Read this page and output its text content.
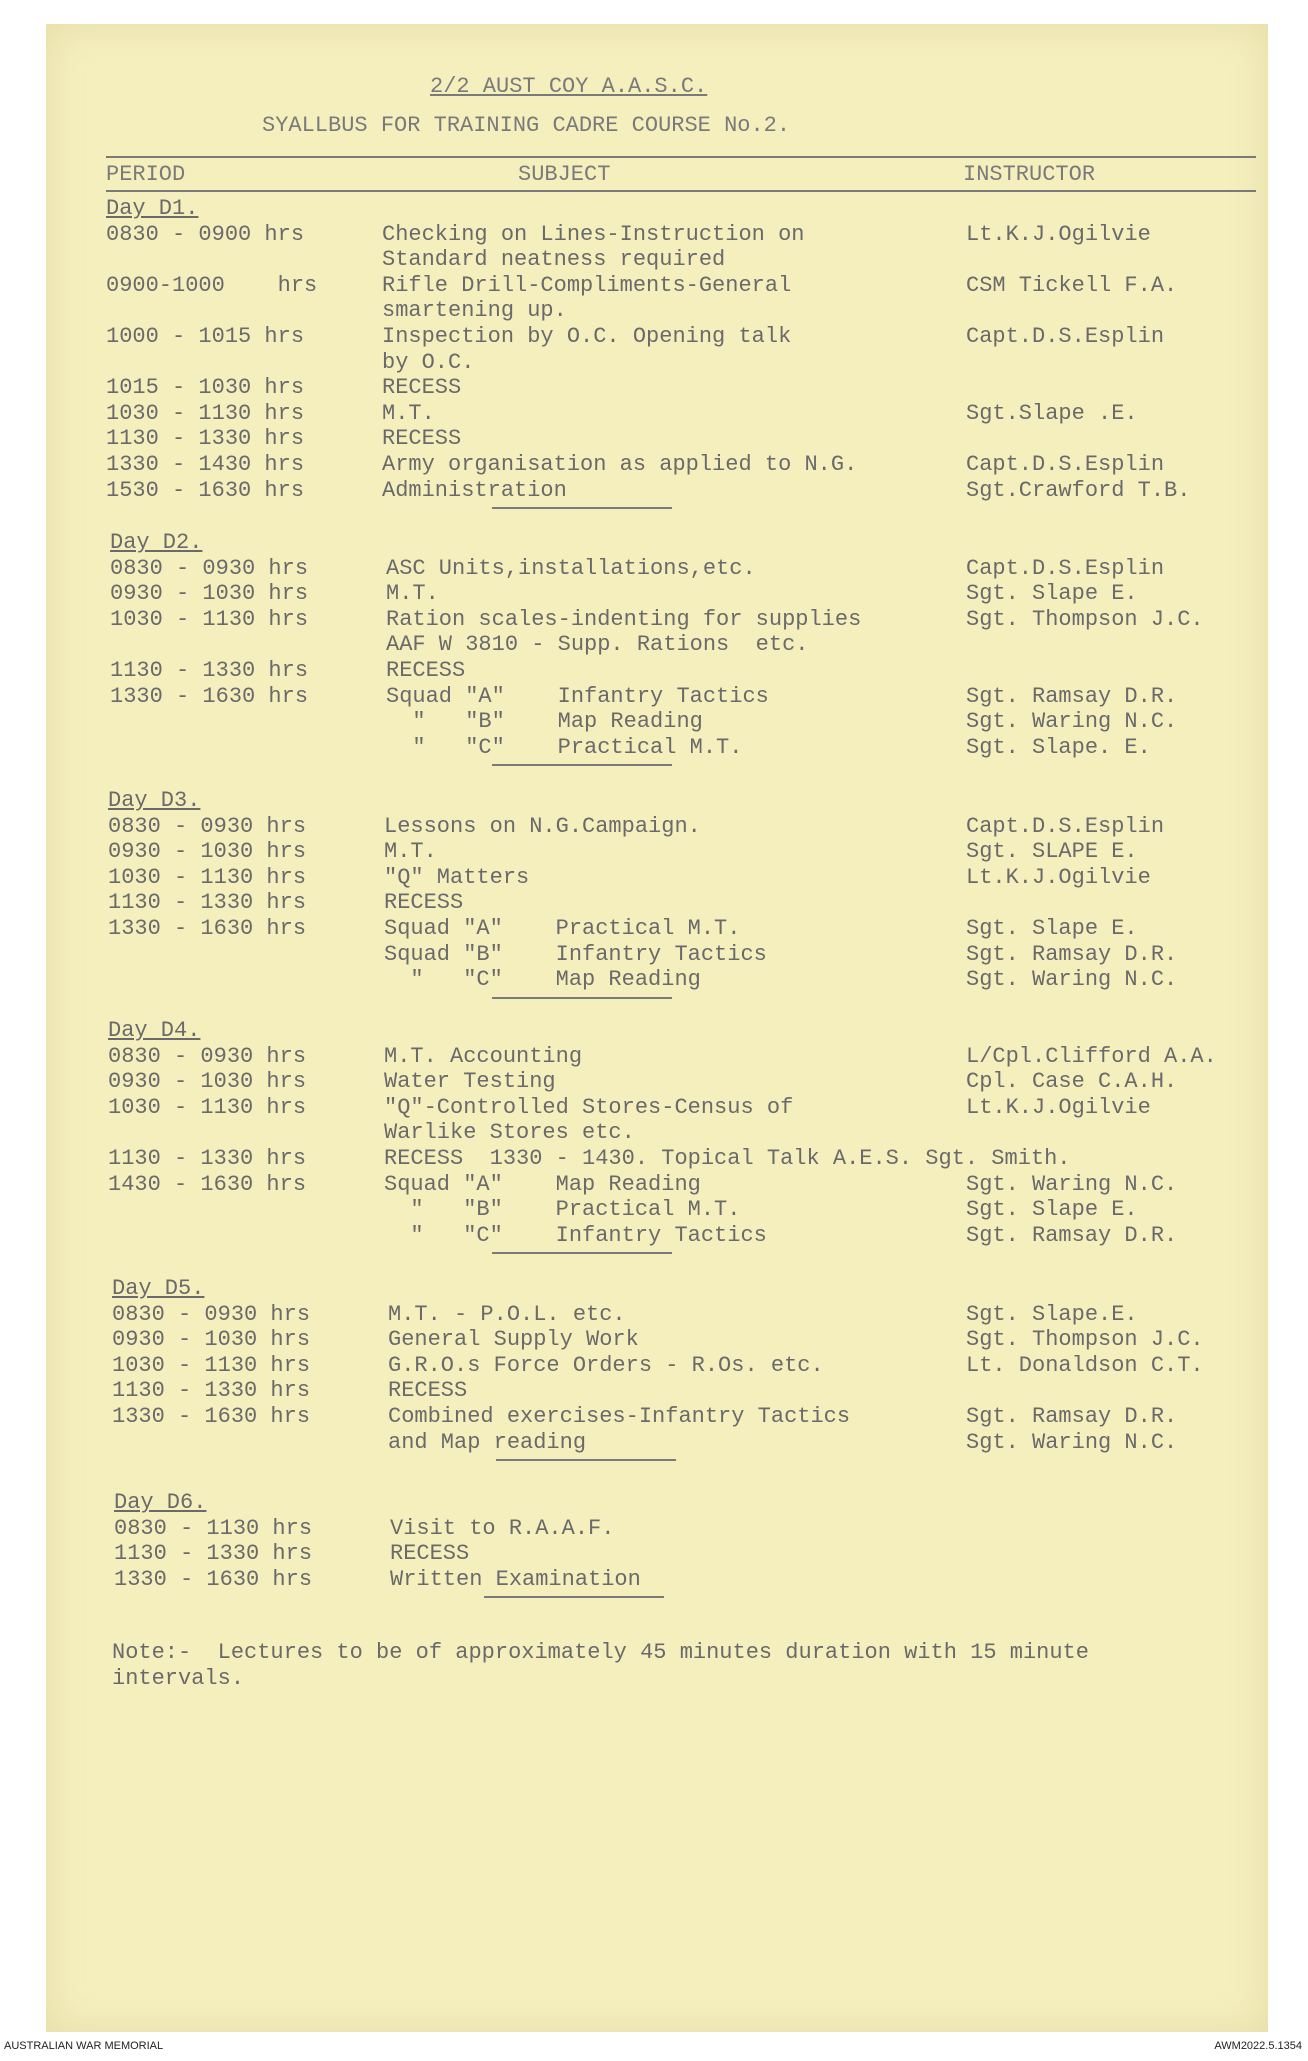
2/2 AUST COY A.A.S.C.
SYALLBUS FOR TRAINING CADRE COURSE No.2.
PERIOD	SUBJECT	INSTRUCTOR
Day D1.
0830 - 0900 hrs	Checking on Lines-Instruction on	Lt.K.J.Ogilvie
Standard neatness required
0900-1000    hrs	Rifle Drill-Compliments-General	CSM Tickell F.A.
smartening up.
1000 - 1015 hrs	Inspection by O.C. Opening talk	Capt.D.S.Esplin
by O.C.
1015 - 1030 hrs	RECESS
1030 - 1130 hrs	M.T.	Sgt.Slape .E.
1130 - 1330 hrs	RECESS
1330 - 1430 hrs	Army organisation as applied to N.G.	Capt.D.S.Esplin
1530 - 1630 hrs	Administration	Sgt.Crawford T.B.
Day D2.
0830 - 0930 hrs	ASC Units,installations,etc.	Capt.D.S.Esplin
0930 - 1030 hrs	M.T.	Sgt. Slape E.
1030 - 1130 hrs	Ration scales-indenting for supplies	Sgt. Thompson J.C.
AAF W 3810 - Supp. Rations  etc.
1130 - 1330 hrs	RECESS
1330 - 1630 hrs	Squad "A"    Infantry Tactics	Sgt. Ramsay D.R.
"   "B"    Map Reading	Sgt. Waring N.C.
"   "C"    Practical M.T.	Sgt. Slape. E.
Day D3.
0830 - 0930 hrs	Lessons on N.G.Campaign.	Capt.D.S.Esplin
0930 - 1030 hrs	M.T.	Sgt. SLAPE E.
1030 - 1130 hrs	"Q" Matters	Lt.K.J.Ogilvie
1130 - 1330 hrs	RECESS
1330 - 1630 hrs	Squad "A"    Practical M.T.	Sgt. Slape E.
Squad "B"    Infantry Tactics	Sgt. Ramsay D.R.
"   "C"    Map Reading	Sgt. Waring N.C.
Day D4.
0830 - 0930 hrs	M.T. Accounting	L/Cpl.Clifford A.A.
0930 - 1030 hrs	Water Testing	Cpl. Case C.A.H.
1030 - 1130 hrs	"Q"-Controlled Stores-Census of	Lt.K.J.Ogilvie
Warlike Stores etc.
1130 - 1330 hrs	RECESS  1330 - 1430. Topical Talk A.E.S. Sgt. Smith.
1430 - 1630 hrs	Squad "A"    Map Reading	Sgt. Waring N.C.
"   "B"    Practical M.T.	Sgt. Slape E.
"   "C"    Infantry Tactics	Sgt. Ramsay D.R.
Day D5.
0830 - 0930 hrs	M.T. - P.O.L. etc.	Sgt. Slape.E.
0930 - 1030 hrs	General Supply Work	Sgt. Thompson J.C.
1030 - 1130 hrs	G.R.O.s Force Orders - R.Os. etc.	Lt. Donaldson C.T.
1130 - 1330 hrs	RECESS
1330 - 1630 hrs	Combined exercises-Infantry Tactics	Sgt. Ramsay D.R.
and Map reading	Sgt. Waring N.C.
Day D6.
0830 - 1130 hrs	Visit to R.A.A.F.
1130 - 1330 hrs	RECESS
1330 - 1630 hrs	Written Examination
Note:-  Lectures to be of approximately 45 minutes duration with 15 minute
intervals.
AUSTRALIAN WAR MEMORIAL	AWM2022.5.1354
